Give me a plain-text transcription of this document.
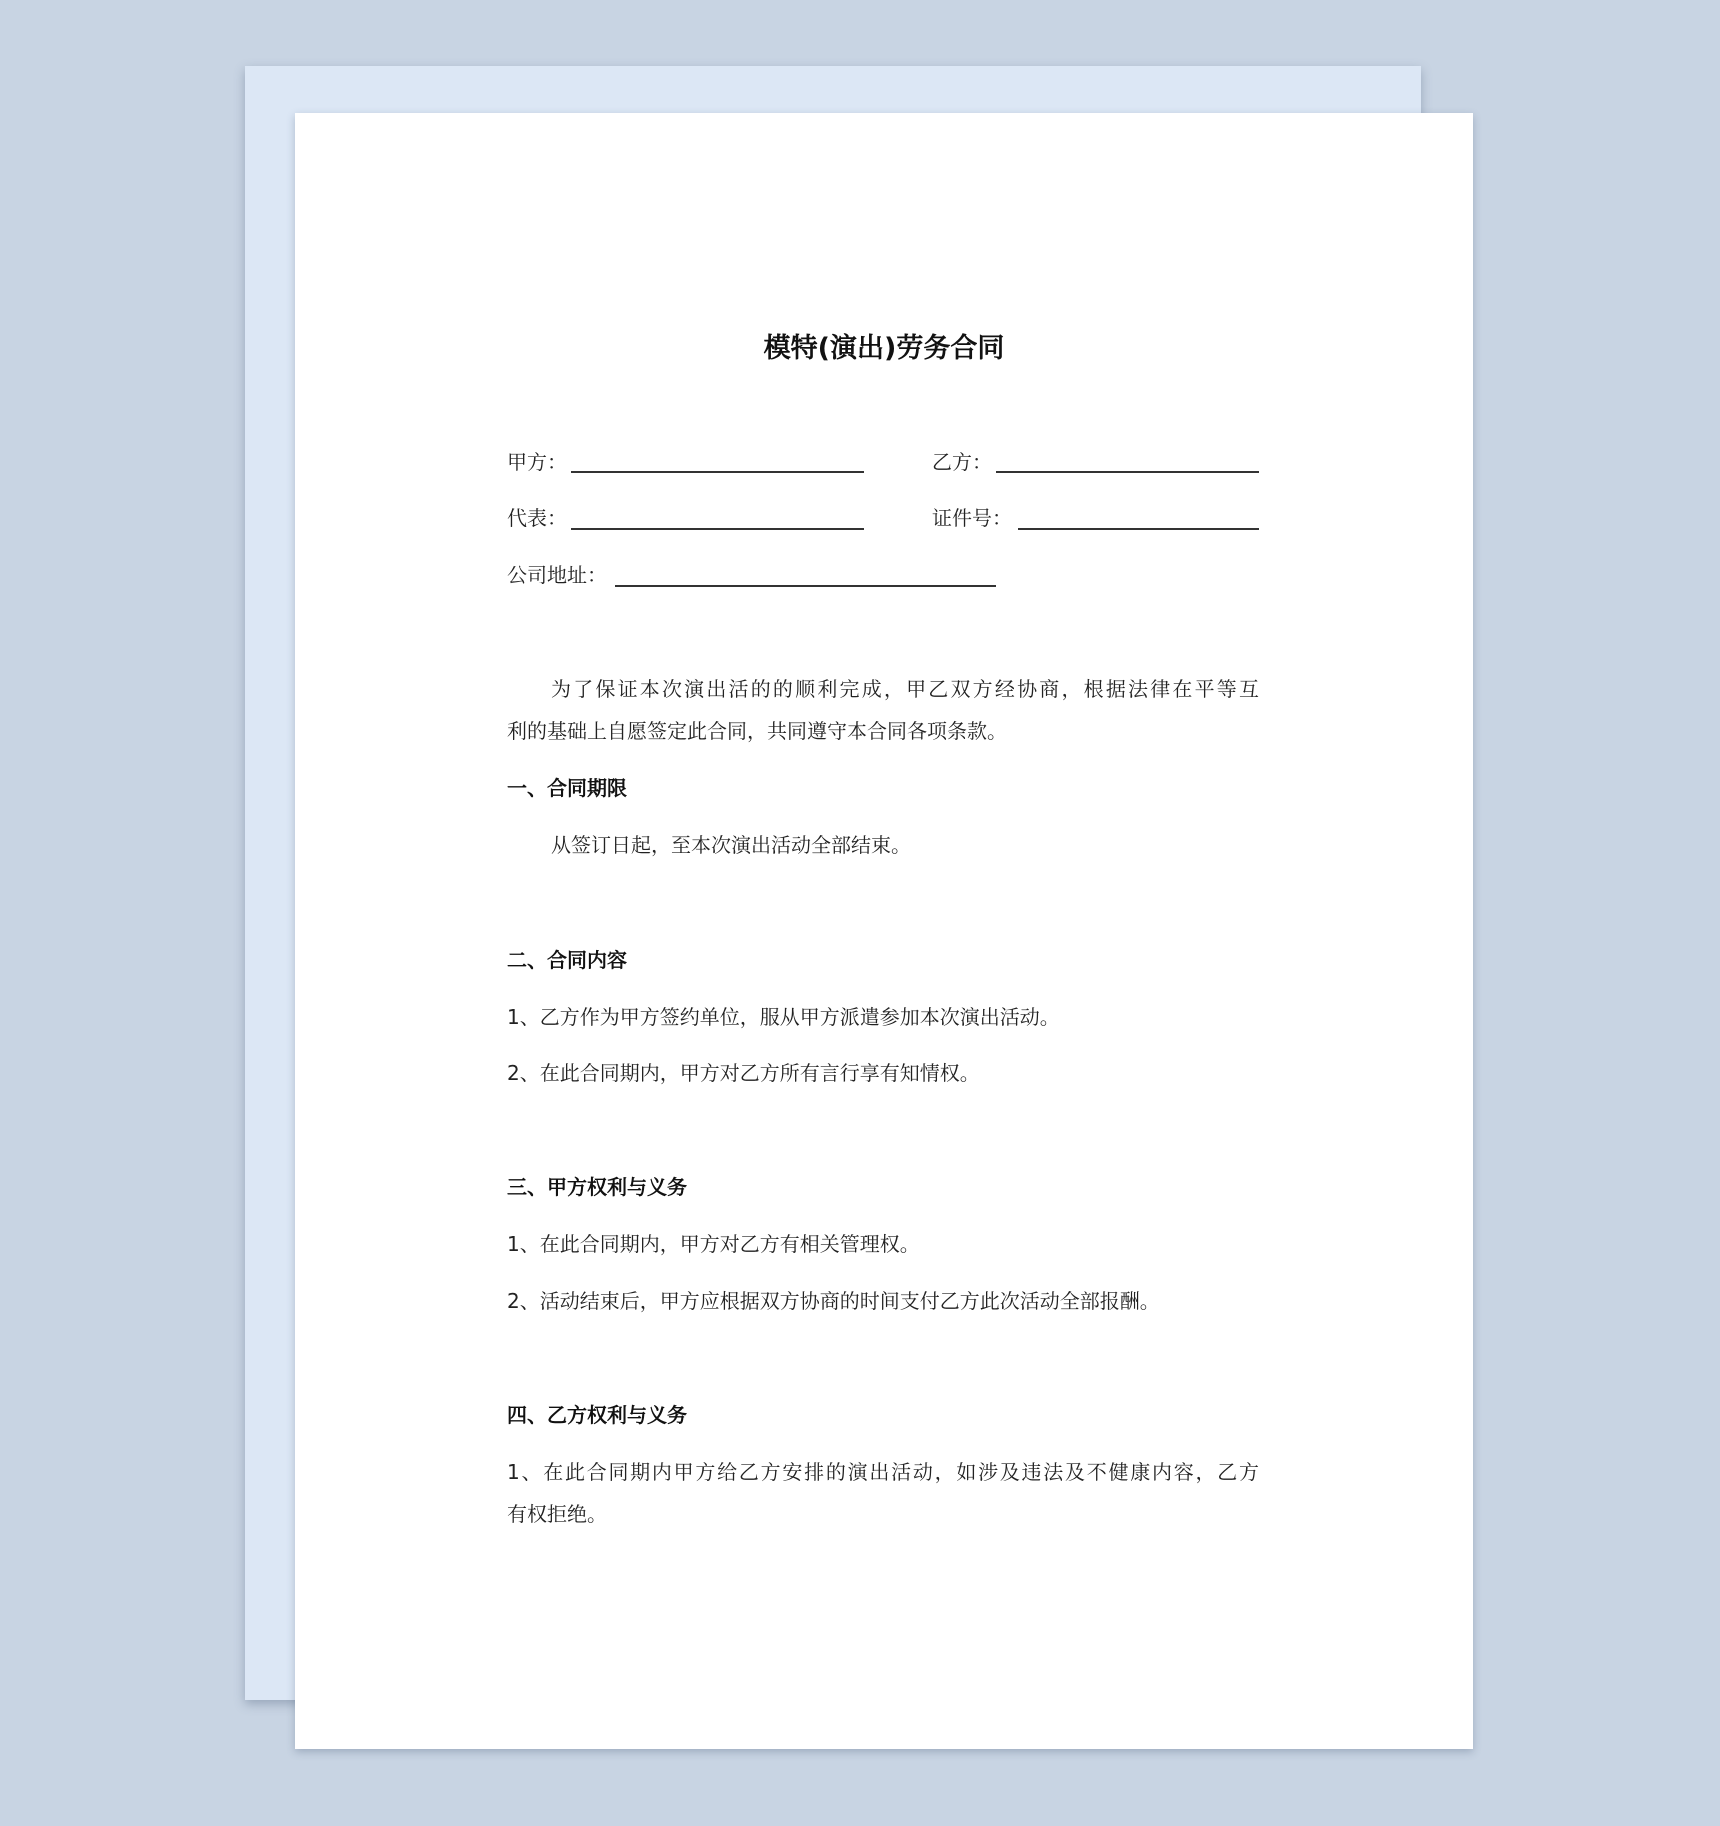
模特(演出)劳务合同
甲方：	乙方：
代表：	证件号：
公司地址：
为了保证本次演出活的的顺利完成，甲乙双方经协商，根据法律在平等互
利的基础上自愿签定此合同，共同遵守本合同各项条款。
一、合同期限
从签订日起，至本次演出活动全部结束。
二、合同内容
1、乙方作为甲方签约单位，服从甲方派遣参加本次演出活动。
2、在此合同期内，甲方对乙方所有言行享有知情权。
三、甲方权利与义务
1、在此合同期内，甲方对乙方有相关管理权。
2、活动结束后，甲方应根据双方协商的时间支付乙方此次活动全部报酬。
四、乙方权利与义务
1、在此合同期内甲方给乙方安排的演出活动，如涉及违法及不健康内容，乙方
有权拒绝。
